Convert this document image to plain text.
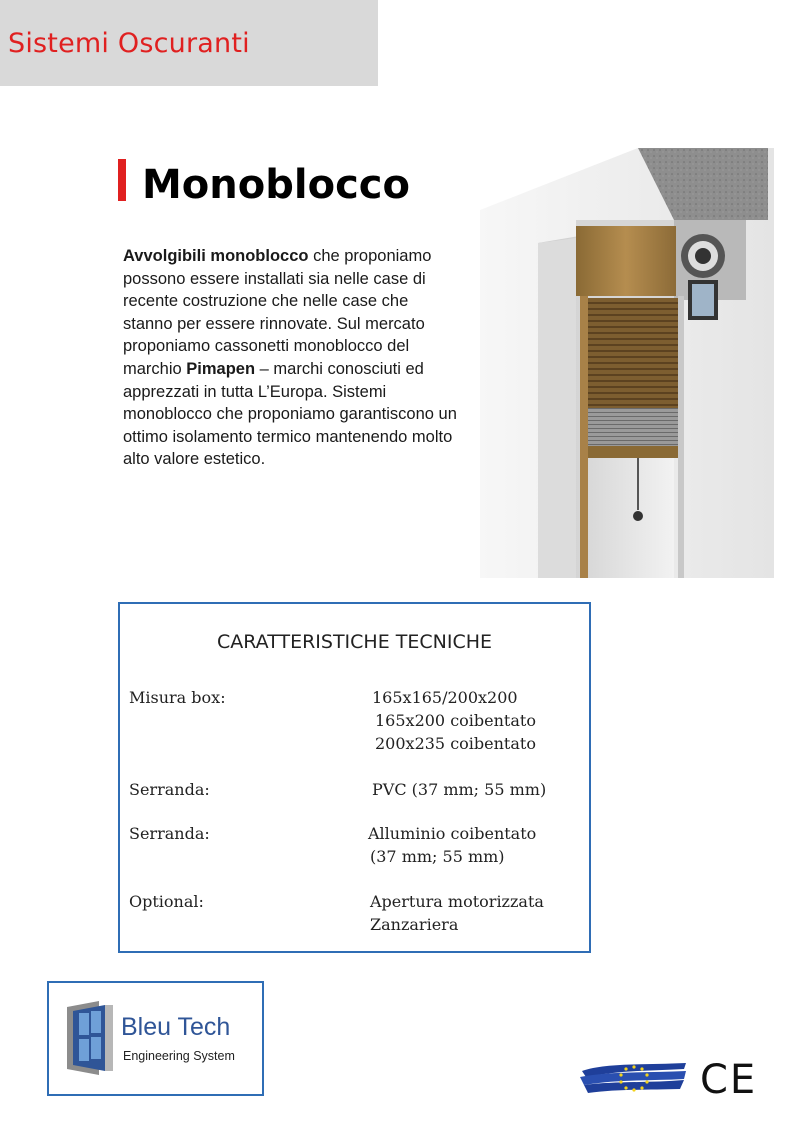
Sistemi Oscuranti
Monoblocco
Avvolgibili monoblocco che proponiamo possono essere installati sia nelle case di recente costruzione che nelle case che stanno per essere rinnovate. Sul mercato proponiamo cassonetti monoblocco del marchio Pimapen – marchi conosciuti ed apprezzati in tutta L’Europa. Sistemi monoblocco che proponiamo garantiscono un ottimo isolamento termico mantenendo molto alto valore estetico.
CARATTERISTICHE TECNICHE
Misura box:	165x165/200x200
165x200 coibentato
200x235 coibentato
Serranda:	PVC (37 mm; 55 mm)
Serranda:	Alluminio coibentato
(37 mm; 55 mm)
Optional:	Apertura motorizzata
Zanzariera
Bleu Tech
Engineering System
CE
